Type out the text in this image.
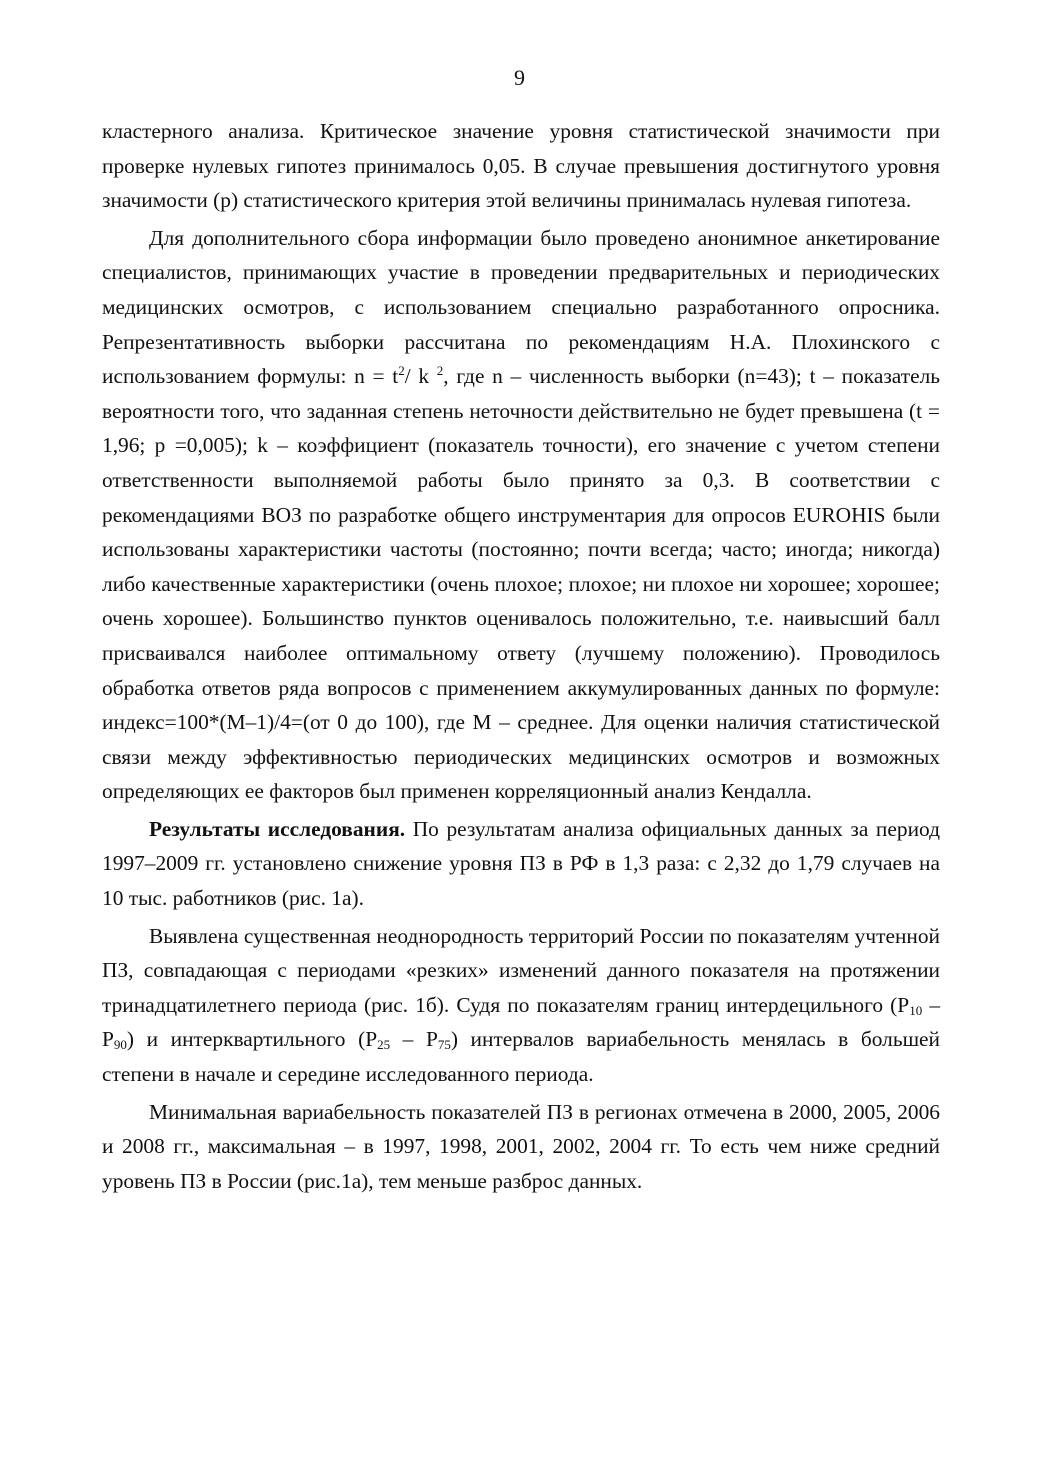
9

кластерного анализа. Критическое значение уровня статистической значимости при проверке нулевых гипотез принималось 0,05. В случае превышения достигнутого уровня значимости (р) статистического критерия этой величины принималась нулевая гипотеза.

Для дополнительного сбора информации было проведено анонимное анкетирование специалистов, принимающих участие в проведении предварительных и периодических медицинских осмотров, с использованием специально разработанного опросника. Репрезентативность выборки рассчитана по рекомендациям Н.А. Плохинского с использованием формулы: $n = t^2/$ k $^2$, где n – численность выборки (n=43); t – показатель вероятности того, что заданная степень неточности действительно не будет превышена (t = 1,96; p =0,005); k – коэффициент (показатель точности), его значение с учетом степени ответственности выполняемой работы было принято за 0,3. В соответствии с рекомендациями ВОЗ по разработке общего инструментария для опросов EUROHIS были использованы характеристики частоты (постоянно; почти всегда; часто; иногда; никогда) либо качественные характеристики (очень плохое; плохое; ни плохое ни хорошее; хорошее; очень хорошее). Большинство пунктов оценивалось положительно, т.е. наивысший балл присваивался наиболее оптимальному ответу (лучшему положению). Проводилось обработка ответов ряда вопросов с применением аккумулированных данных по формуле: индекс=100*(М–1)/4=(от 0 до 100), где М – среднее. Для оценки наличия статистической связи между эффективностью периодических медицинских осмотров и возможных определяющих ее факторов был применен корреляционный анализ Кендалла.

Результаты исследования. По результатам анализа официальных данных за период 1997–2009 гг. установлено снижение уровня ПЗ в РФ в 1,3 раза: с 2,32 до 1,79 случаев на 10 тыс. работников (рис. 1а).

Выявлена существенная неоднородность территорий России по показателям учтенной ПЗ, совпадающая с периодами «резких» изменений данного показателя на протяжении тринадцатилетнего периода (рис. 1б). Судя по показателям границ интердецильного $(P_{10} - P_{90})$ и интерквартильного $(P_{25} - P_{75})$ интервалов вариабельность менялась в большей степени в начале и середине исследованного периода.

Минимальная вариабельность показателей ПЗ в регионах отмечена в 2000, 2005, 2006 и 2008 гг., максимальная – в 1997, 1998, 2001, 2002, 2004 гг. То есть чем ниже средний уровень ПЗ в России (рис.1а), тем меньше разброс данных.
